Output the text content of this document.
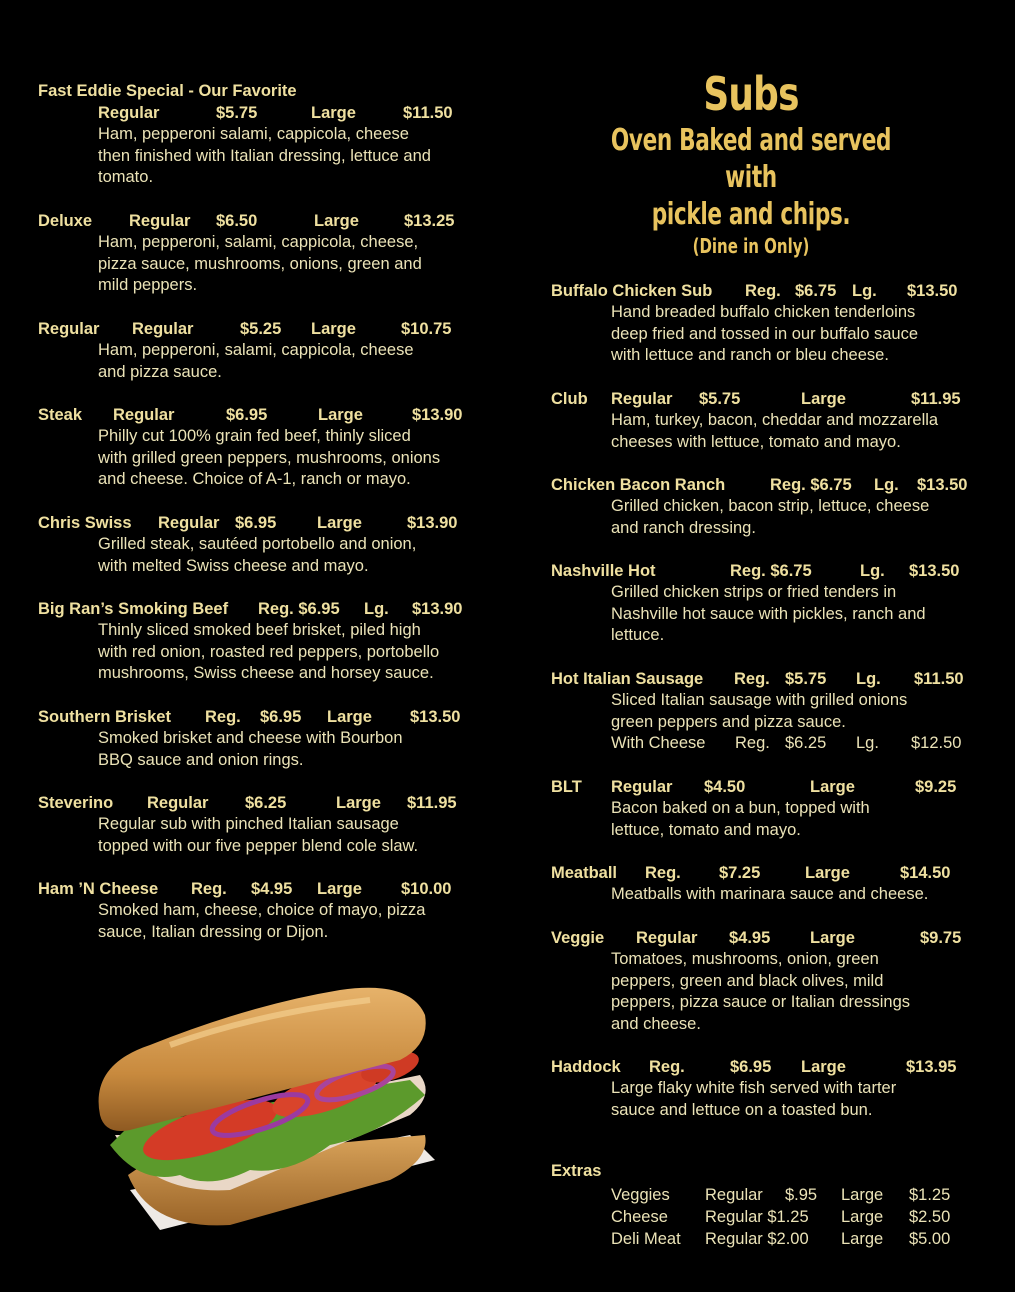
Subs
Oven Baked and served with
pickle and chips.
(Dine in Only)
Fast Eddie Special - Our Favorite
Regular	$5.75	Large	$11.50
Ham, pepperoni salami, cappicola, cheese
then finished with Italian dressing, lettuce and
tomato.
Deluxe Regular $6.50	Large	$13.25
Ham, pepperoni, salami, cappicola, cheese,
pizza sauce, mushrooms, onions, green and
mild peppers.
Regular Regular	$5.25 Large	$10.75
Ham, pepperoni, salami, cappicola, cheese
and pizza sauce.
Steak Regular	$6.95	Large	$13.90
Philly cut 100% grain fed beef, thinly sliced
with grilled green peppers, mushrooms, onions
and cheese. Choice of A-1, ranch or mayo.
Chris Swiss Regular $6.95 Large	$13.90
Grilled steak, sautéed portobello and onion,
with melted Swiss cheese and mayo.
Big Ran’s Smoking Beef Reg. $6.95 Lg. $13.90
Thinly sliced smoked beef brisket, piled high
with red onion, roasted red peppers, portobello
mushrooms, Swiss cheese and horsey sauce.
Southern Brisket Reg. $6.95 Large $13.50
Smoked brisket and cheese with Bourbon
BBQ sauce and onion rings.
Steverino Regular $6.25	Large $11.95
Regular sub with pinched Italian sausage
topped with our five pepper blend cole slaw.
Ham ’N Cheese Reg. $4.95 Large $10.00
Smoked ham, cheese, choice of mayo, pizza
sauce, Italian dressing or Dijon.
Buffalo Chicken Sub Reg. $6.75 Lg. $13.50
Hand breaded buffalo chicken tenderloins
deep fried and tossed in our buffalo sauce
with lettuce and ranch or bleu cheese.
Club Regular $5.75	Large	$11.95
Ham, turkey, bacon, cheddar and mozzarella
cheeses with lettuce, tomato and mayo.
Chicken Bacon Ranch	Reg. $6.75 Lg. $13.50
Grilled chicken, bacon strip, lettuce, cheese
and ranch dressing.
Nashville Hot	Reg. $6.75	Lg. $13.50
Grilled chicken strips or fried tenders in
Nashville hot sauce with pickles, ranch and
lettuce.
Hot Italian Sausage Reg. $5.75 Lg. $11.50
Sliced Italian sausage with grilled onions
green peppers and pizza sauce.
With Cheese Reg. $6.25 Lg. $12.50
BLT Regular $4.50	Large	$9.25
Bacon baked on a bun, topped with
lettuce, tomato and mayo.
Meatball Reg. $7.25	Large	$14.50
Meatballs with marinara sauce and cheese.
Veggie Regular $4.95 Large	$9.75
Tomatoes, mushrooms, onion, green
peppers, green and black olives, mild
peppers, pizza sauce or Italian dressings
and cheese.
Haddock Reg.	$6.95 Large	$13.95
Large flaky white fish served with tarter
sauce and lettuce on a toasted bun.
Extras
Veggies Regular $.95 Large $1.25
Cheese Regular $1.25 Large $2.50
Deli Meat Regular $2.00 Large $5.00
